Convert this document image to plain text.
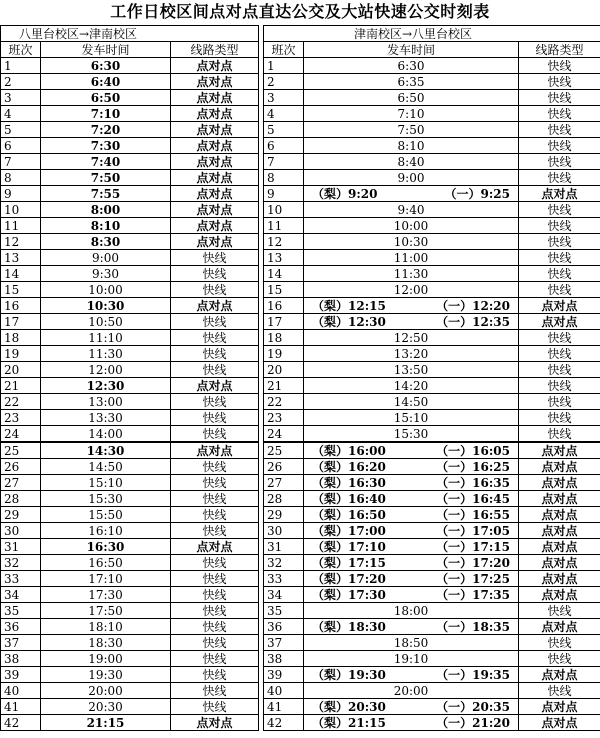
工作日校区间点对点直达公交及大站快速公交时刻表
八里台校区→津南校区		
班次	发车时间	线路类型
1	6:30	点对点
2	6:40	点对点
3	6:50	点对点
4	7:10	点对点
5	7:20	点对点
6	7:30	点对点
7	7:40	点对点
8	7:50	点对点
9	7:55	点对点
10	8:00	点对点
11	8:10	点对点
12	8:30	点对点
13	9:00	快线
14	9:30	快线
15	10:00	快线
16	10:30	点对点
17	10:50	快线
18	11:10	快线
19	11:30	快线
20	12:00	快线
21	12:30	点对点
22	13:00	快线
23	13:30	快线
24	14:00	快线
25	14:30	点对点
26	14:50	快线
27	15:10	快线
28	15:30	快线
29	15:50	快线
30	16:10	快线
31	16:30	点对点
32	16:50	快线
33	17:10	快线
34	17:30	快线
35	17:50	快线
36	18:10	快线
37	18:30	快线
38	19:00	快线
39	19:30	快线
40	20:00	快线
41	20:30	快线
42	21:15	点对点
津南校区→八里台校区		
班次	发车时间	线路类型
1	6:30	快线
2	6:35	快线
3	6:50	快线
4	7:10	快线
5	7:50	快线
6	8:10	快线
7	8:40	快线
8	9:00	快线
9	（梨）9:20 （一）9:25	点对点
10	9:40	快线
11	10:00	快线
12	10:30	快线
13	11:00	快线
14	11:30	快线
15	12:00	快线
16	（梨）12:15 （一）12:20	点对点
17	（梨）12:30 （一）12:35	点对点
18	12:50	快线
19	13:20	快线
20	13:50	快线
21	14:20	快线
22	14:50	快线
23	15:10	快线
24	15:30	快线
25	（梨）16:00 （一）16:05	点对点
26	（梨）16:20 （一）16:25	点对点
27	（梨）16:30 （一）16:35	点对点
28	（梨）16:40 （一）16:45	点对点
29	（梨）16:50 （一）16:55	点对点
30	（梨）17:00 （一）17:05	点对点
31	（梨）17:10 （一）17:15	点对点
32	（梨）17:15 （一）17:20	点对点
33	（梨）17:20 （一）17:25	点对点
34	（梨）17:30 （一）17:35	点对点
35	18:00	快线
36	（梨）18:30 （一）18:35	点对点
37	18:50	快线
38	19:10	快线
39	（梨）19:30 （一）19:35	点对点
40	20:00	快线
41	（梨）20:30 （一）20:35	点对点
42	（梨）21:15 （一）21:20	点对点
